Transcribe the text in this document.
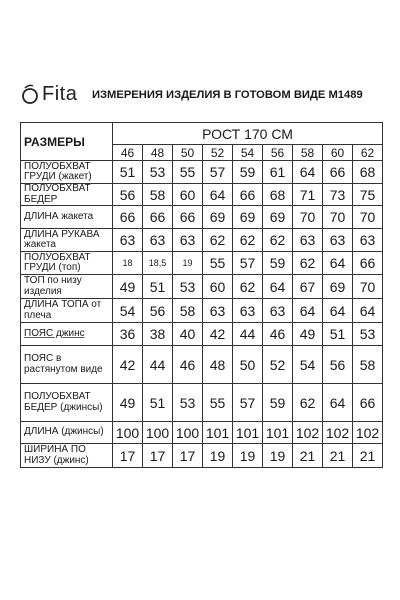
Fita ИЗМЕРЕНИЯ ИЗДЕЛИЯ В ГОТОВОМ ВИДЕ М1489
РАЗМЕРЫ	РОСТ 170 СМ								
	46	48	50	52	54	56	58	60	62
ПОЛУОБХВАТ ГРУДИ (жакет)	51	53	55	57	59	61	64	66	68
ПОЛУОБХВАТ БЕДЕР	56	58	60	64	66	68	71	73	75
ДЛИНА жакета	66	66	66	69	69	69	70	70	70
ДЛИНА РУКАВА жакета	63	63	63	62	62	62	63	63	63
ПОЛУОБХВАТ ГРУДИ (топ)	18	18,5	19	55	57	59	62	64	66
ТОП по низу изделия	49	51	53	60	62	64	67	69	70
ДЛИНА ТОПА от плеча	54	56	58	63	63	63	64	64	64
ПОЯС джинс	36	38	40	42	44	46	49	51	53
ПОЯС в растянутом виде	42	44	46	48	50	52	54	56	58
ПОЛУОБХВАТ БЕДЕР (джинсы)	49	51	53	55	57	59	62	64	66
ДЛИНА (джинсы)	100	100	100	101	101	101	102	102	102
ШИРИНА ПО НИЗУ (джинс)	17	17	17	19	19	19	21	21	21
